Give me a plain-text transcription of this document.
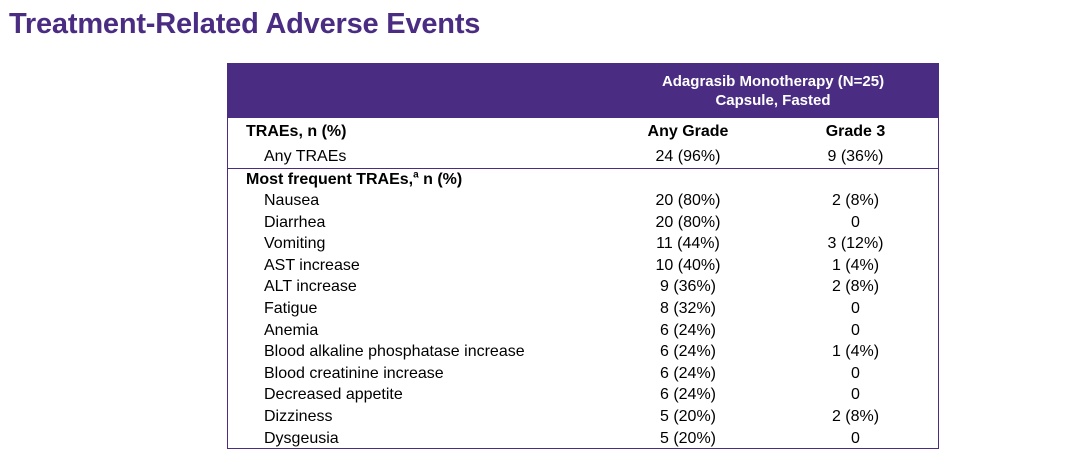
Treatment-Related Adverse Events
Adagrasib Monotherapy (N=25)
Capsule, Fasted
TRAEs, n (%)	Any Grade	Grade 3
Any TRAEs	24 (96%)	9 (36%)
Most frequent TRAEs,$^a$ n (%)
Nausea	20 (80%)	2 (8%)
Diarrhea	20 (80%)	0
Vomiting	11 (44%)	3 (12%)
AST increase	10 (40%)	1 (4%)
ALT increase	9 (36%)	2 (8%)
Fatigue	8 (32%)	0
Anemia	6 (24%)	0
Blood alkaline phosphatase increase	6 (24%)	1 (4%)
Blood creatinine increase	6 (24%)	0
Decreased appetite	6 (24%)	0
Dizziness	5 (20%)	2 (8%)
Dysgeusia	5 (20%)	0
